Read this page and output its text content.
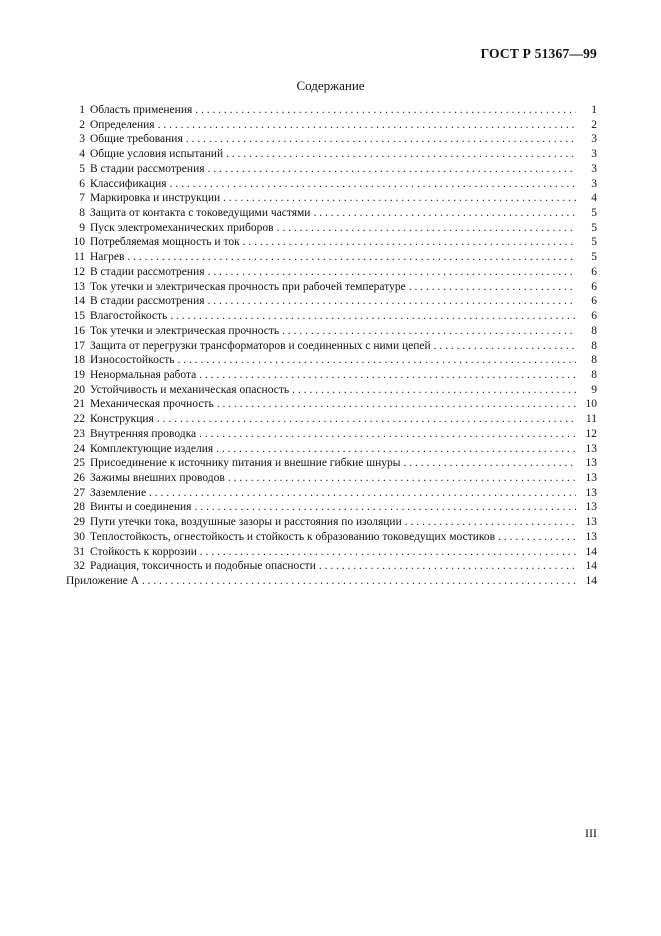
ГОСТ Р 51367—99
Содержание
1 Область применения . . .	1
2 Определения . . .	2
3 Общие требования . . .	3
4 Общие условия испытаний . . .	3
5 В стадии рассмотрения . . .	3
6 Классификация . . .	3
7 Маркировка и инструкции . . .	4
8 Защита от контакта с токоведущими частями . . .	5
9 Пуск электромеханических приборов . . .	5
10 Потребляемая мощность и ток . . .	5
11 Нагрев . . .	5
12 В стадии рассмотрения . . .	6
13 Ток утечки и электрическая прочность при рабочей температуре . . .	6
14 В стадии рассмотрения . . .	6
15 Влагостойкость . . .	6
16 Ток утечки и электрическая прочность . . .	8
17 Защита от перегрузки трансформаторов и соединенных с ними цепей . . .	8
18 Износостойкость . . .	8
19 Ненормальная работа . . .	8
20 Устойчивость и механическая опасность . . .	9
21 Механическая прочность . . .	10
22 Конструкция . . .	11
23 Внутренняя проводка . . .	12
24 Комплектующие изделия . . .	13
25 Присоединение к источнику питания и внешние гибкие шнуры . . .	13
26 Зажимы внешних проводов . . .	13
27 Заземление . . .	13
28 Винты и соединения . . .	13
29 Пути утечки тока, воздушные зазоры и расстояния по изоляции . . .	13
30 Теплостойкость, огнестойкость и стойкость к образованию токоведущих мостиков . . .	13
31 Стойкость к коррозии . . .	14
32 Радиация, токсичность и подобные опасности . . .	14
Приложение А . . .	14
III
